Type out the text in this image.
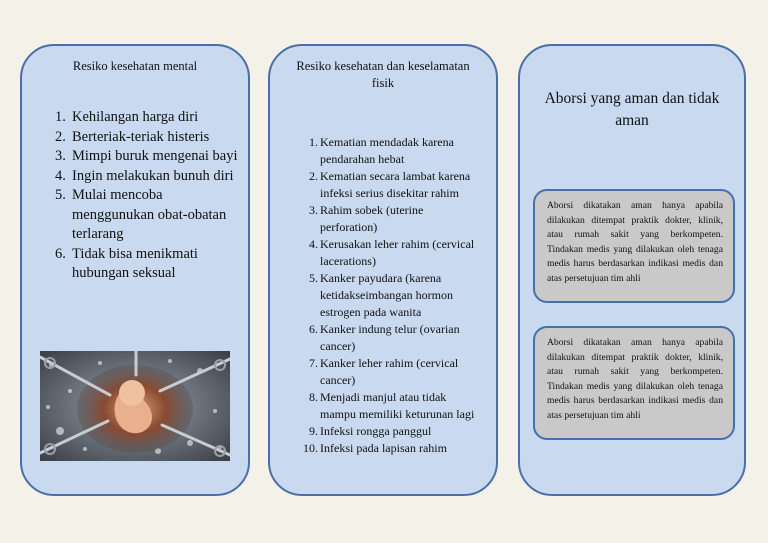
Resiko kesehatan mental

1. Kehilangan harga diri
2. Berteriak-teriak histeris
3. Mimpi buruk mengenai bayi
4. Ingin melakukan bunuh diri
5. Mulai mencoba menggunukan obat-obatan terlarang
6. Tidak bisa menikmati hubungan seksual

Resiko kesehatan dan keselamatan fisik

1. Kematian mendadak karena pendarahan hebat
2. Kematian secara lambat karena infeksi serius disekitar rahim
3. Rahim sobek (uterine perforation)
4. Kerusakan leher rahim (cervical lacerations)
5. Kanker payudara (karena ketidakseimbangan hormon estrogen pada wanita
6. Kanker indung telur (ovarian cancer)
7. Kanker leher rahim (cervical cancer)
8. Menjadi manjul atau tidak mampu memiliki keturunan lagi
9. Infeksi rongga panggul
10. Infeksi pada lapisan rahim
Aborsi yang aman dan tidak aman

Aborsi dikatakan aman hanya apabila dilakukan ditempat praktik dokter, klinik, atau rumah sakit yang berkompeten. Tindakan medis yang dilakukan oleh tenaga medis harus berdasarkan indikasi medis dan atas persetujuan tim ahli

Aborsi dikatakan aman hanya apabila dilakukan ditempat praktik dokter, klinik, atau rumah sakit yang berkompeten. Tindakan medis yang dilakukan oleh tenaga medis harus berdasarkan indikasi medis dan atas persetujuan tim ahli
